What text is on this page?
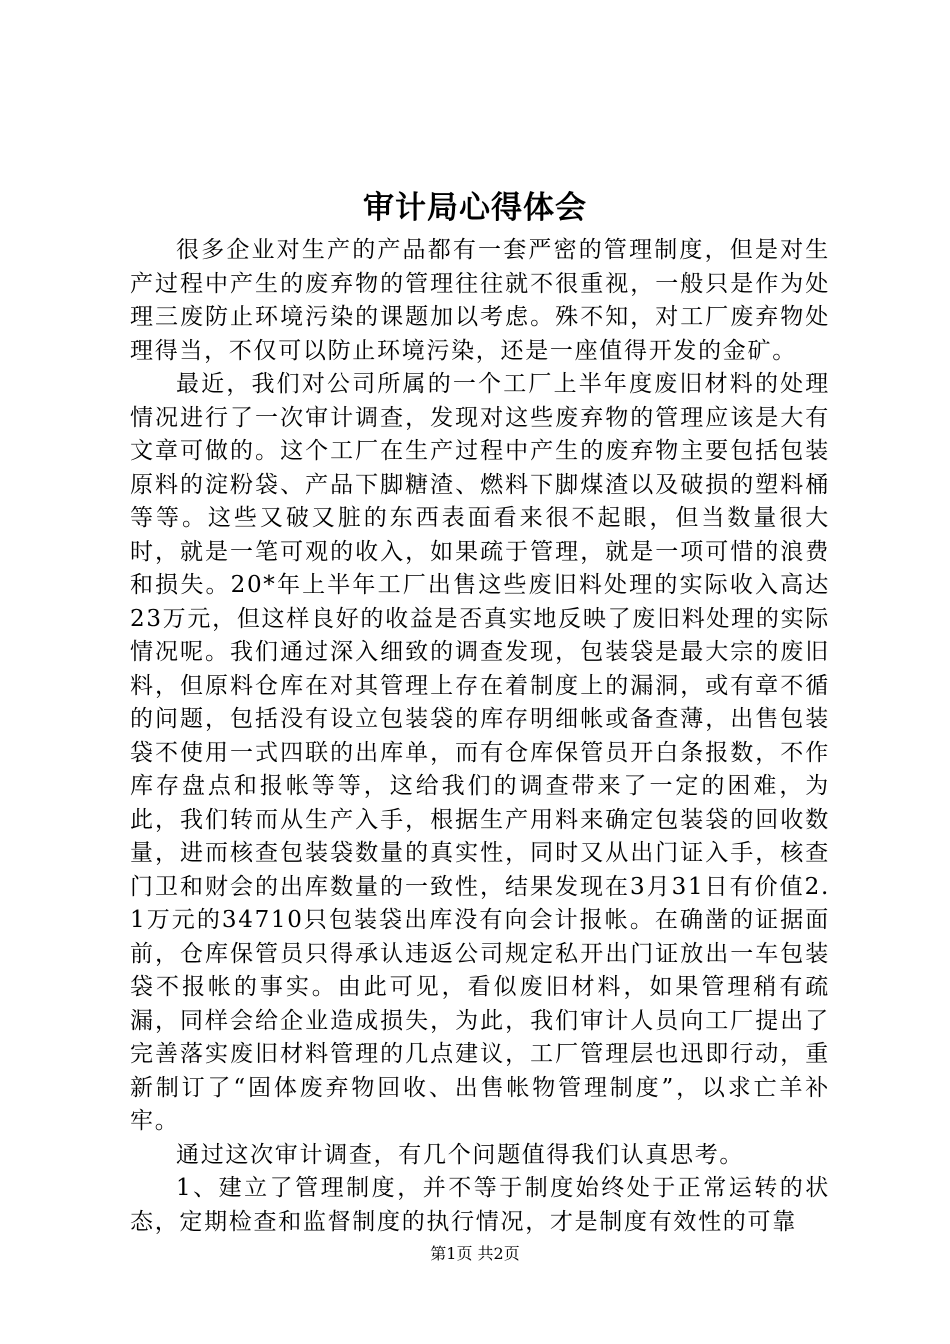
审计局心得体会

很多企业对生产的产品都有一套严密的管理制度，但是对生产过程中产生的废弃物的管理往往就不很重视，一般只是作为处理三废防止环境污染的课题加以考虑。殊不知，对工厂废弃物处理得当，不仅可以防止环境污染，还是一座值得开发的金矿。

最近，我们对公司所属的一个工厂上半年度废旧材料的处理情况进行了一次审计调查，发现对这些废弃物的管理应该是大有文章可做的。这个工厂在生产过程中产生的废弃物主要包括包装原料的淀粉袋、产品下脚糖渣、燃料下脚煤渣以及破损的塑料桶等等。这些又破又脏的东西表面看来很不起眼，但当数量很大时，就是一笔可观的收入，如果疏于管理，就是一项可惜的浪费和损失。20*年上半年工厂出售这些废旧料处理的实际收入高达23万元，但这样良好的收益是否真实地反映了废旧料处理的实际情况呢。我们通过深入细致的调查发现，包装袋是最大宗的废旧料，但原料仓库在对其管理上存在着制度上的漏洞，或有章不循的问题，包括没有设立包装袋的库存明细帐或备查薄，出售包装袋不使用一式四联的出库单，而有仓库保管员开白条报数，不作库存盘点和报帐等等，这给我们的调查带来了一定的困难，为此，我们转而从生产入手，根据生产用料来确定包装袋的回收数量，进而核查包装袋数量的真实性，同时又从出门证入手，核查门卫和财会的出库数量的一致性，结果发现在3月31日有价值2.1万元的34710只包装袋出库没有向会计报帐。在确凿的证据面前，仓库保管员只得承认违返公司规定私开出门证放出一车包装袋不报帐的事实。由此可见，看似废旧材料，如果管理稍有疏漏，同样会给企业造成损失，为此，我们审计人员向工厂提出了完善落实废旧材料管理的几点建议，工厂管理层也迅即行动，重新制订了“固体废弃物回收、出售帐物管理制度”，以求亡羊补牢。

通过这次审计调查，有几个问题值得我们认真思考。

1、建立了管理制度，并不等于制度始终处于正常运转的状态，定期检查和监督制度的执行情况，才是制度有效性的可靠

第1页 共2页
